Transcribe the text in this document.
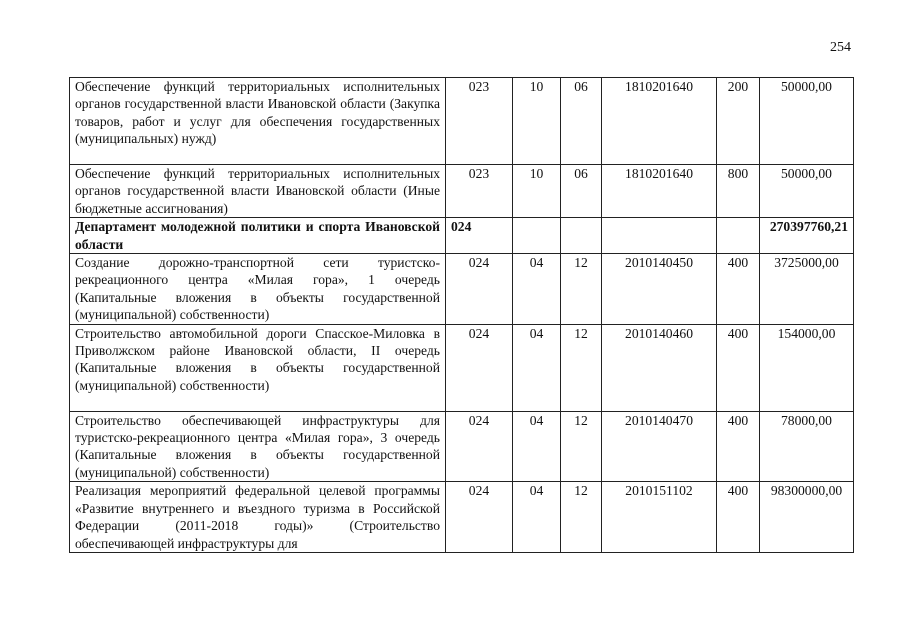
254
Обеспечение функций территориальных исполнительных органов государственной власти Ивановской области (Закупка товаров, работ и услуг для обеспечения государственных (муниципальных) нужд)	023	10	06	1810201640	200	50000,00
Обеспечение функций территориальных исполнительных органов государственной власти Ивановской области (Иные бюджетные ассигнования)	023	10	06	1810201640	800	50000,00
Департамент молодежной политики и спорта Ивановской области	024					270397760,21
Создание дорожно-транспортной сети туристско-рекреационного центра «Милая гора», 1 очередь (Капитальные вложения в объекты государственной (муниципальной) собственности)	024	04	12	2010140450	400	3725000,00
Строительство автомобильной дороги Спасское-Миловка в Приволжском районе Ивановской области, II очередь (Капитальные вложения в объекты государственной (муниципальной) собственности)	024	04	12	2010140460	400	154000,00
Строительство обеспечивающей инфраструктуры для туристско-рекреационного центра «Милая гора», 3 очередь (Капитальные вложения в объекты государственной (муниципальной) собственности)	024	04	12	2010140470	400	78000,00
Реализация мероприятий федеральной целевой программы «Развитие внутреннего и въездного туризма в Российской Федерации (2011-2018 годы)» (Строительство обеспечивающей инфраструктуры для	024	04	12	2010151102	400	98300000,00
